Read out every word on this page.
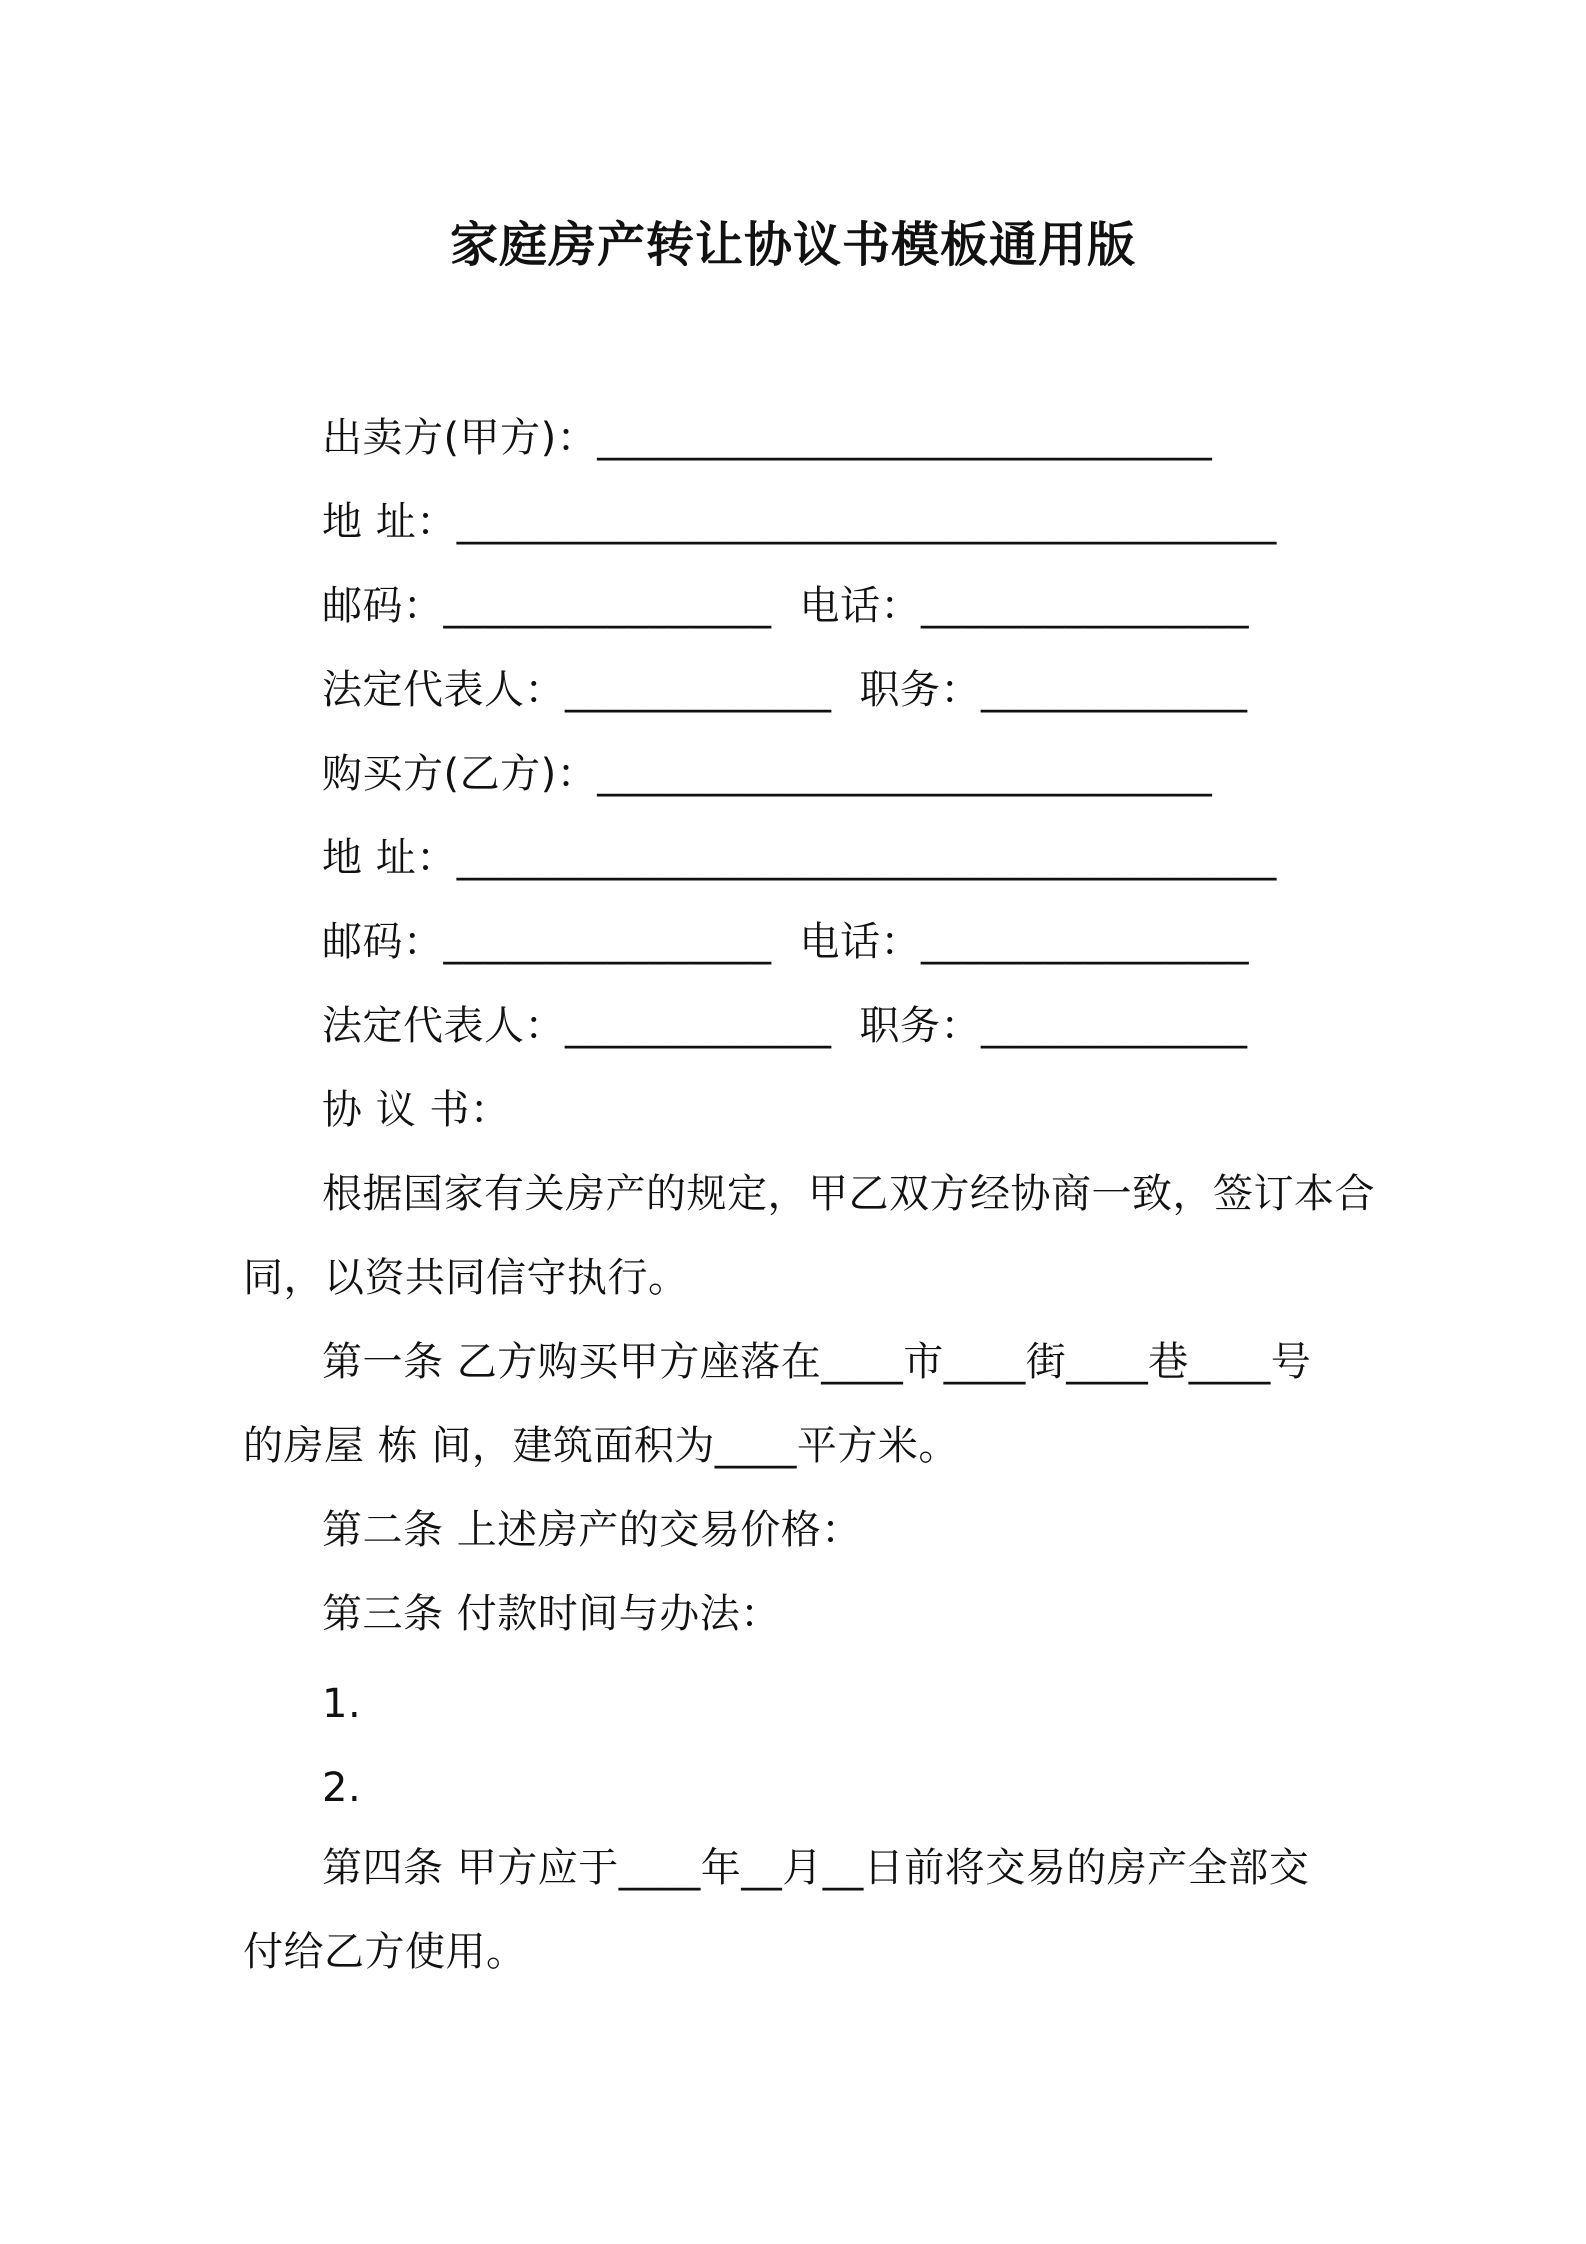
家庭房产转让协议书模板通用版
出卖方(甲方)：______________________________
地 址：________________________________________
邮码：________________ 电话：________________
法定代表人：_____________ 职务：_____________
购买方(乙方)：______________________________
地 址：________________________________________
邮码：________________ 电话：________________
法定代表人：_____________ 职务：_____________
协 议 书：
根据国家有关房产的规定，甲乙双方经协商一致，签订本合
同，以资共同信守执行。
第一条 乙方购买甲方座落在____市____街____巷____号
的房屋 栋 间，建筑面积为____平方米。
第二条 上述房产的交易价格：
第三条 付款时间与办法：
1.
2.
第四条 甲方应于____年__月__日前将交易的房产全部交
付给乙方使用。
